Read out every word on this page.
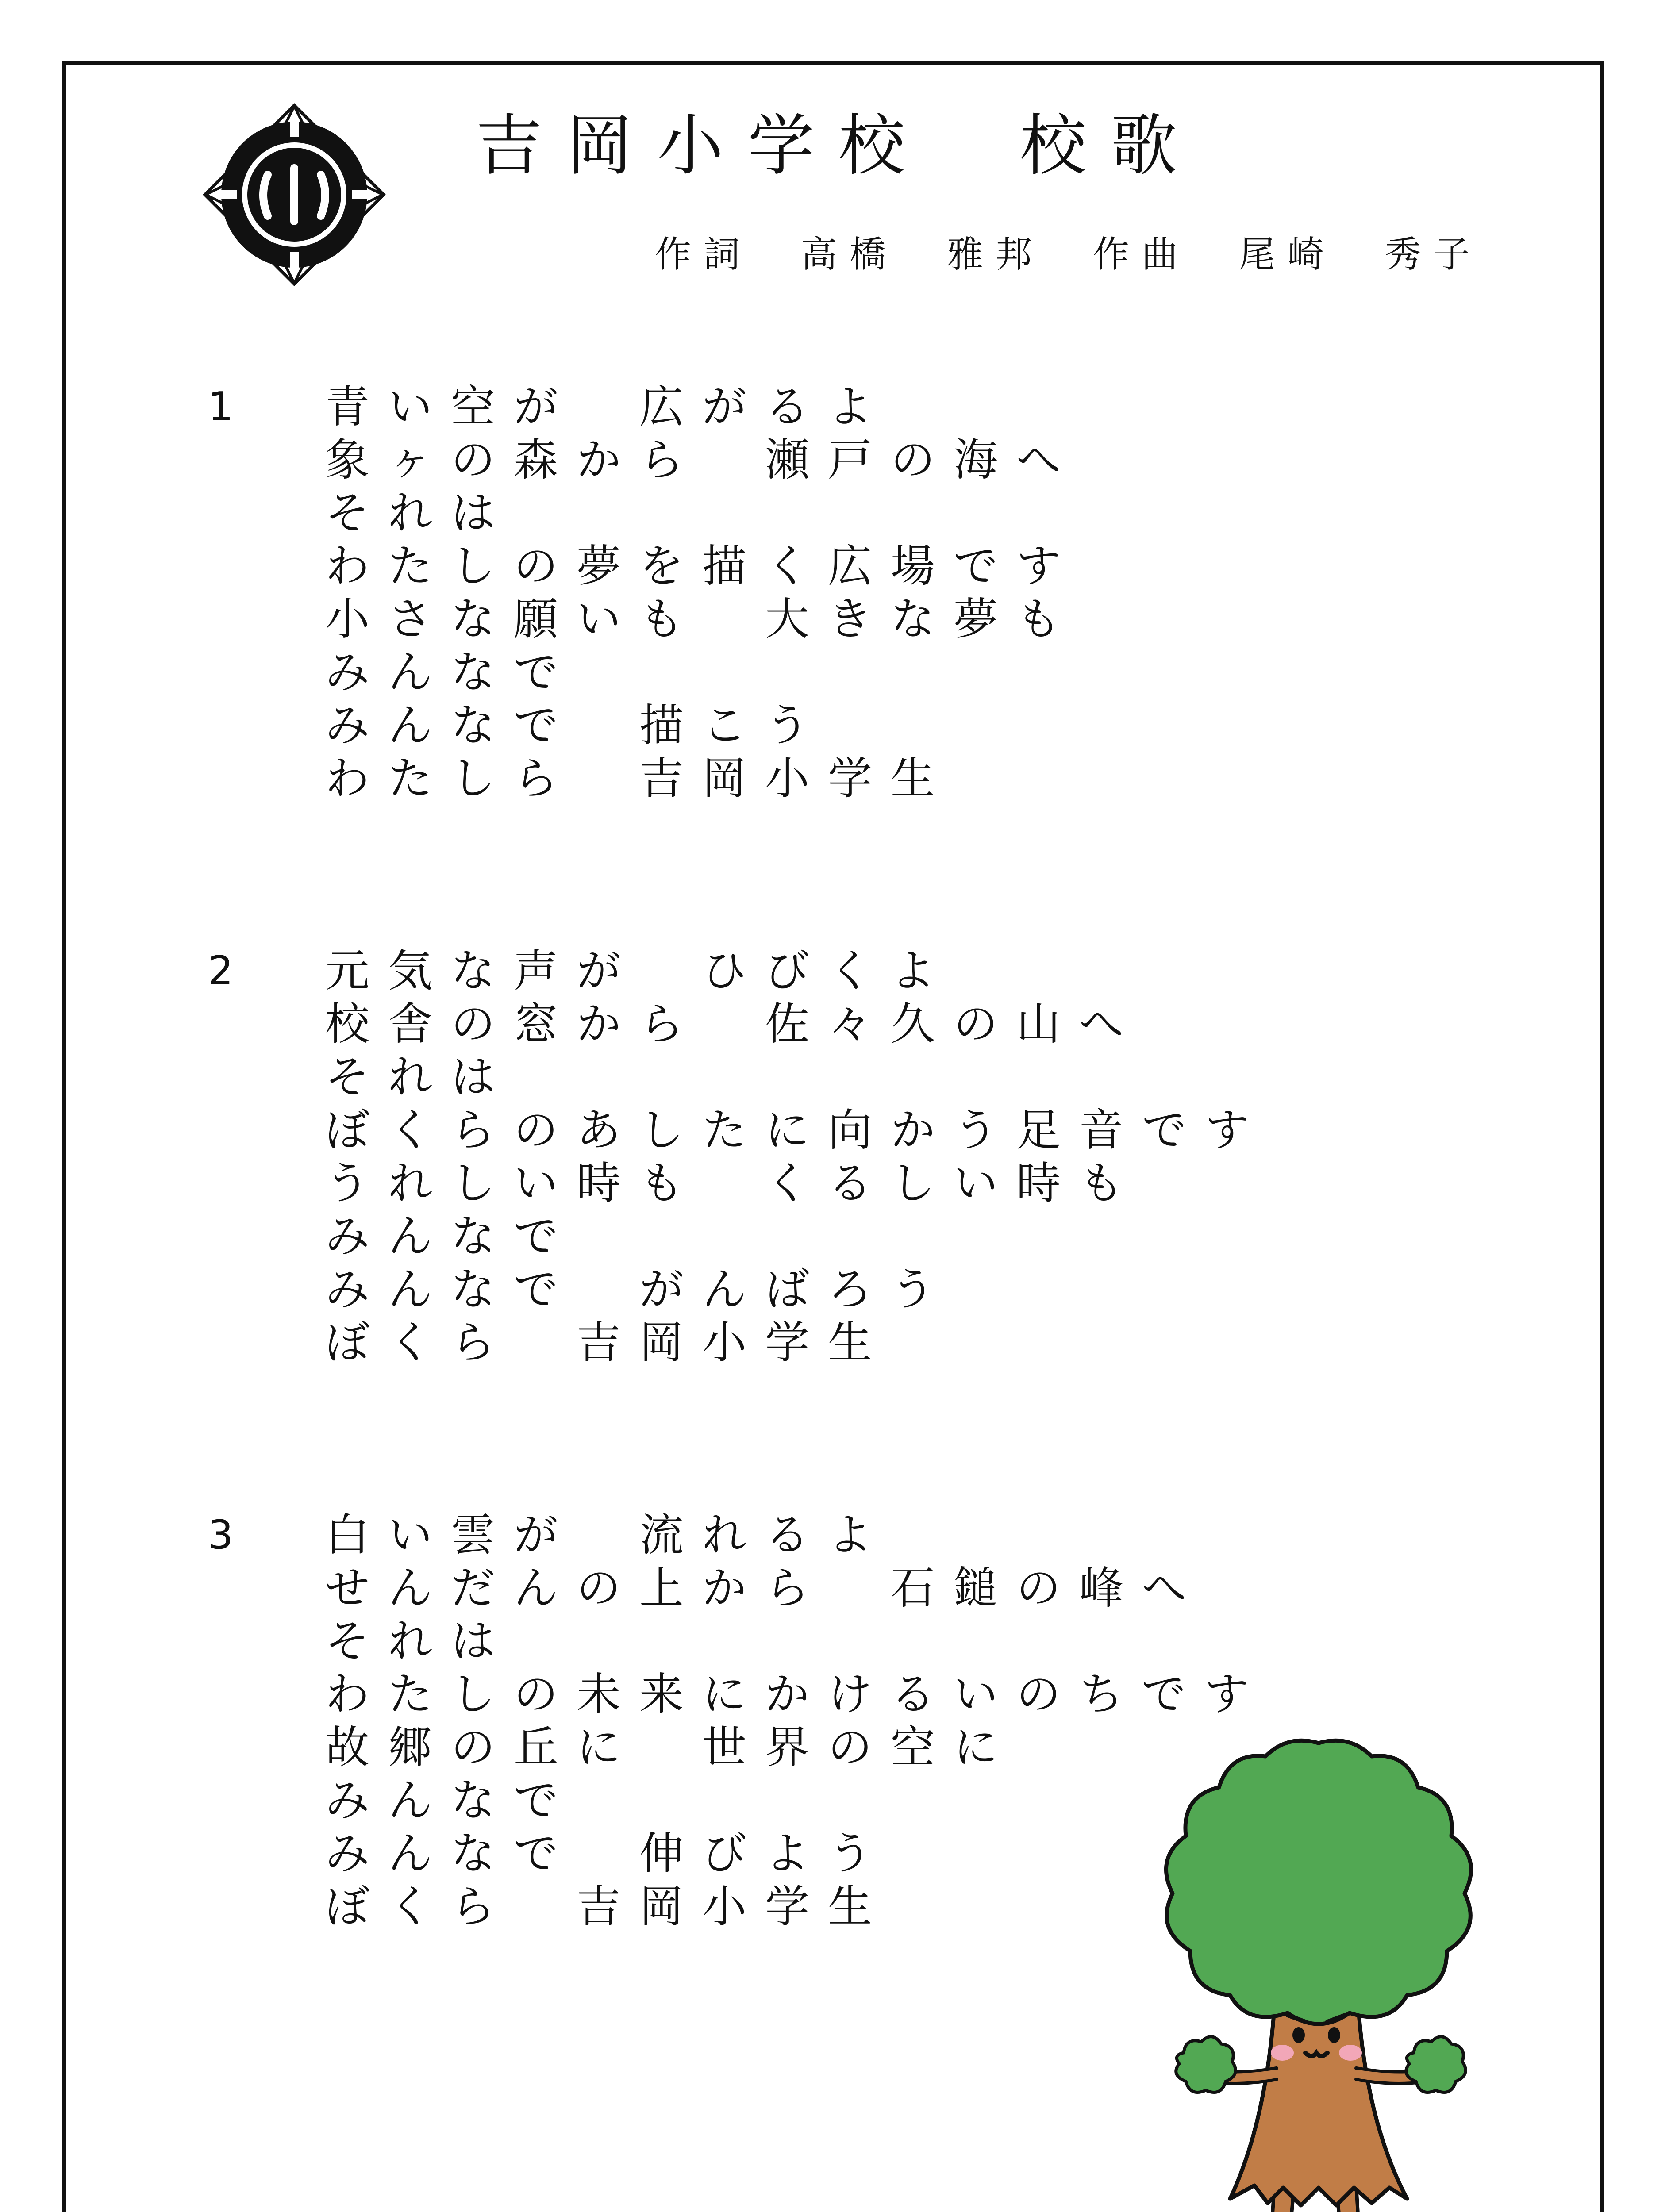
吉岡小学校　校歌
作詞　高橋　雅邦　作曲　尾崎　秀子
1 青い空が　広がるよ
象ヶの森から　瀬戸の海へ
それは
わたしの夢を描く広場です
小さな願いも　大きな夢も
みんなで
みんなで　描こう
わたしら　吉岡小学生
2 元気な声が　ひびくよ
校舎の窓から　佐々久の山へ
それは
ぼくらのあしたに向かう足音です
うれしい時も　くるしい時も
みんなで
みんなで　がんばろう
ぼくら　吉岡小学生
3 白い雲が　流れるよ
せんだんの上から　石鎚の峰へ
それは
わたしの未来にかけるいのちです
故郷の丘に　世界の空に
みんなで
みんなで　伸びよう
ぼくら　吉岡小学生
